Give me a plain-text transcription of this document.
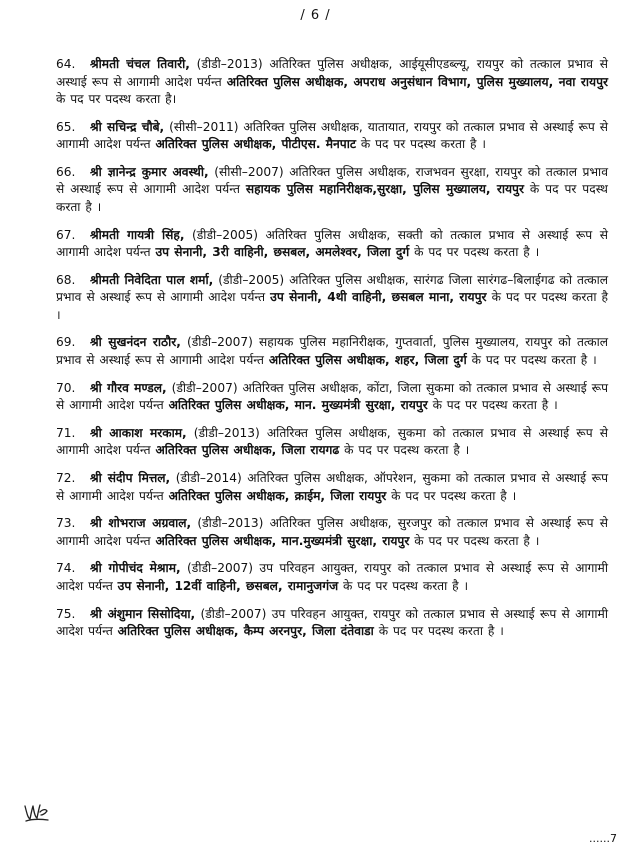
/ 6 /

64. श्रीमती चंचल तिवारी, (डीडी–2013) अतिरिक्त पुलिस अधीक्षक, आईयूसीएडब्ल्यू, रायपुर को तत्काल प्रभाव से अस्थाई रूप से आगामी आदेश पर्यन्त अतिरिक्त पुलिस अधीक्षक, अपराध अनुसंधान विभाग, पुलिस मुख्यालय, नवा रायपुर के पद पर पदस्थ करता है।

65. श्री सचिन्द्र चौबे, (सीसी–2011) अतिरिक्त पुलिस अधीक्षक, यातायात, रायपुर को तत्काल प्रभाव से अस्थाई रूप से आगामी आदेश पर्यन्त अतिरिक्त पुलिस अधीक्षक, पीटीएस. मैनपाट के पद पर पदस्थ करता है ।

66. श्री ज्ञानेन्द्र कुमार अवस्थी, (सीसी–2007) अतिरिक्त पुलिस अधीक्षक, राजभवन सुरक्षा, रायपुर को तत्काल प्रभाव से अस्थाई रूप से आगामी आदेश पर्यन्त सहायक पुलिस महानिरीक्षक,सुरक्षा, पुलिस मुख्यालय, रायपुर के पद पर पदस्थ करता है ।

67. श्रीमती गायत्री सिंह, (डीडी–2005) अतिरिक्त पुलिस अधीक्षक, सक्ती को तत्काल प्रभाव से अस्थाई रूप से आगामी आदेश पर्यन्त उप सेनानी, 3री वाहिनी, छसबल, अमलेश्वर, जिला दुर्ग के पद पर पदस्थ करता है ।

68. श्रीमती निवेदिता पाल शर्मा, (डीडी–2005) अतिरिक्त पुलिस अधीक्षक, सारंगढ जिला सारंगढ–बिलाईगढ को तत्काल प्रभाव से अस्थाई रूप से आगामी आदेश पर्यन्त उप सेनानी, 4थी वाहिनी, छसबल माना, रायपुर के पद पर पदस्थ करता है ।

69. श्री सुखनंदन राठौर, (डीडी–2007) सहायक पुलिस महानिरीक्षक, गुप्तवार्ता, पुलिस मुख्यालय, रायपुर को तत्काल प्रभाव से अस्थाई रूप से आगामी आदेश पर्यन्त अतिरिक्त पुलिस अधीक्षक, शहर, जिला दुर्ग के पद पर पदस्थ करता है ।

70. श्री गौरव मण्डल, (डीडी–2007) अतिरिक्त पुलिस अधीक्षक, कोंटा, जिला सुकमा को तत्काल प्रभाव से अस्थाई रूप से आगामी आदेश पर्यन्त अतिरिक्त पुलिस अधीक्षक, मान. मुख्यमंत्री सुरक्षा, रायपुर के पद पर पदस्थ करता है ।

71. श्री आकाश मरकाम, (डीडी–2013) अतिरिक्त पुलिस अधीक्षक, सुकमा को तत्काल प्रभाव से अस्थाई रूप से आगामी आदेश पर्यन्त अतिरिक्त पुलिस अधीक्षक, जिला रायगढ के पद पर पदस्थ करता है ।

72. श्री संदीप मित्तल, (डीडी–2014) अतिरिक्त पुलिस अधीक्षक, ऑपरेशन, सुकमा को तत्काल प्रभाव से अस्थाई रूप से आगामी आदेश पर्यन्त अतिरिक्त पुलिस अधीक्षक, क्राईम, जिला रायपुर के पद पर पदस्थ करता है ।

73. श्री शोभराज अग्रवाल, (डीडी–2013) अतिरिक्त पुलिस अधीक्षक, सुरजपुर को तत्काल प्रभाव से अस्थाई रूप से आगामी आदेश पर्यन्त अतिरिक्त पुलिस अधीक्षक, मान.मुख्यमंत्री सुरक्षा, रायपुर के पद पर पदस्थ करता है ।

74. श्री गोपीचंद मेश्राम, (डीडी–2007) उप परिवहन आयुक्त, रायपुर को तत्काल प्रभाव से अस्थाई रूप से आगामी आदेश पर्यन्त उप सेनानी, 12वीं वाहिनी, छसबल, रामानुजगंज के पद पर पदस्थ करता है ।

75. श्री अंशुमान सिसोदिया, (डीडी–2007) उप परिवहन आयुक्त, रायपुर को तत्काल प्रभाव से अस्थाई रूप से आगामी आदेश पर्यन्त अतिरिक्त पुलिस अधीक्षक, कैम्प अरनपुर, जिला दंतेवाडा के पद पर पदस्थ करता है ।

......7
